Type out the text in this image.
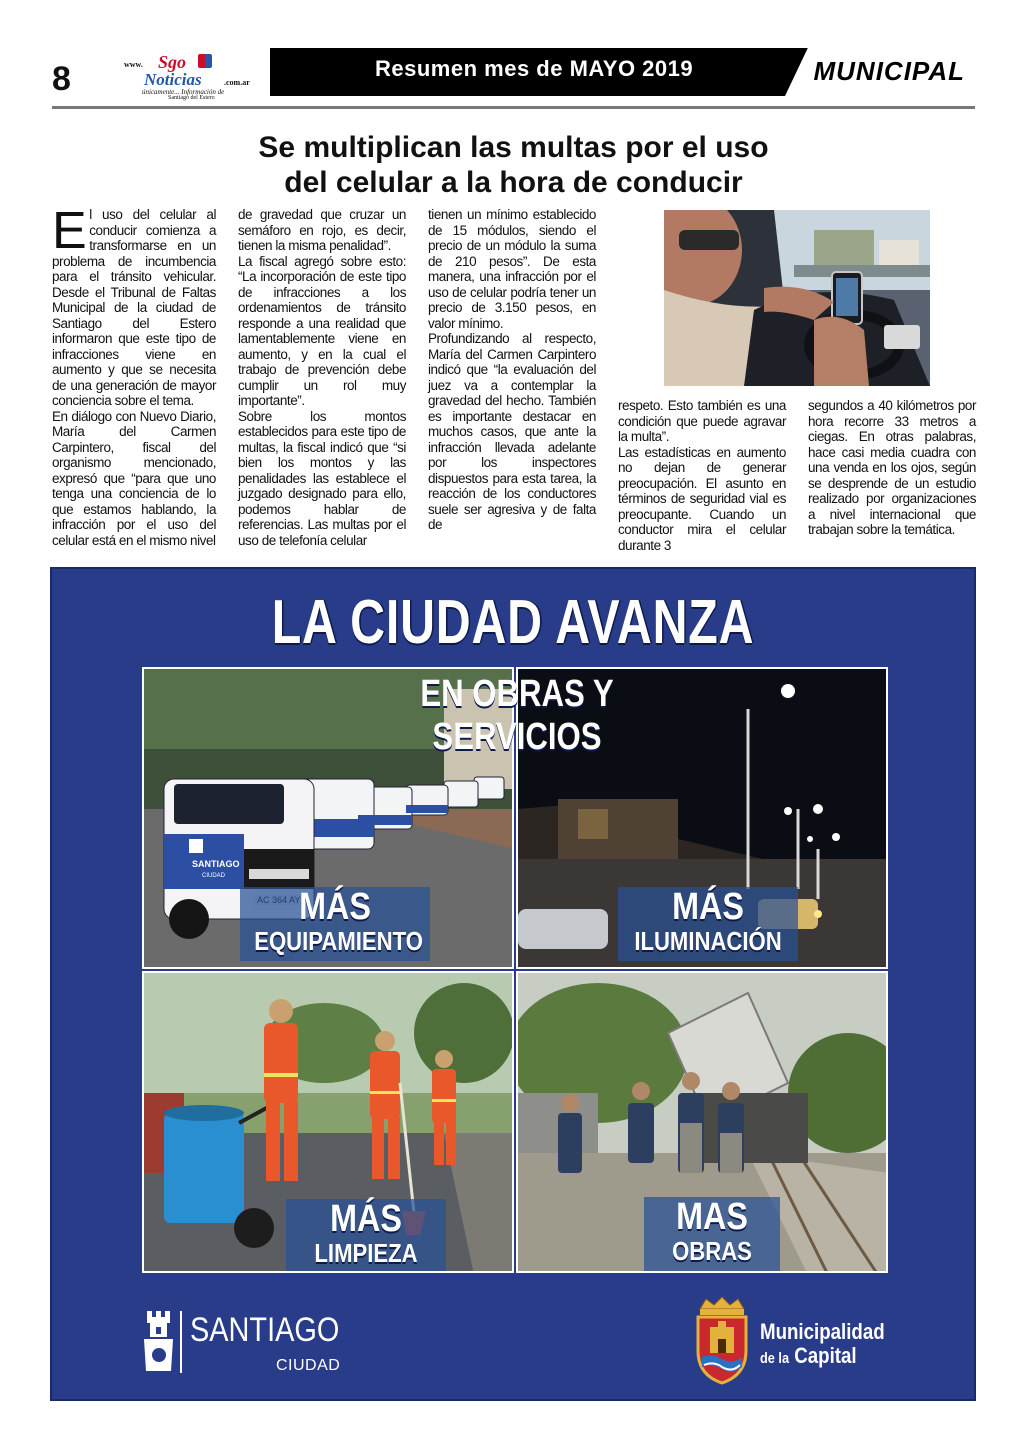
8	www. Sgo
Noticias	.com.ar
únicamente... Información de
Santiago del Estero
Resumen mes de MAYO 2019	MUNICIPAL
Se multiplican las multas por el uso
del celular a la hora de conducir

El uso del celular al conducir comienza a transformarse en un problema de incumbencia para el tránsito vehicular. Desde el Tribunal de Faltas Municipal de la ciudad de Santiago del Estero informaron que este tipo de infracciones viene en aumento y que se necesita de una generación de mayor conciencia sobre el tema.

En diálogo con Nuevo Diario, María del Carmen Carpintero, fiscal del organismo mencionado, expresó que “para que uno tenga una conciencia de lo que estamos hablando, la infracción por el uso del celular está en el mismo nivel

de gravedad que cruzar un semáforo en rojo, es decir, tienen la misma penalidad”.

La fiscal agregó sobre esto: “La incorporación de este tipo de infracciones a los ordenamientos de tránsito responde a una realidad que lamentablemente viene en aumento, y en la cual el trabajo de prevención debe cumplir un rol muy importante”.

Sobre los montos establecidos para este tipo de multas, la fiscal indicó que “si bien los montos y las penalidades las establece el juzgado designado para ello, podemos hablar de referencias. Las multas por el uso de telefonía celular

tienen un mínimo establecido de 15 módulos, siendo el precio de un módulo la suma de 210 pesos”. De esta manera, una infracción por el uso de celular podría tener un precio de 3.150 pesos, en valor mínimo.

Profundizando al respecto, María del Carmen Carpintero indicó que “la evaluación del juez va a contemplar la gravedad del hecho. También es importante destacar en muchos casos, que ante la infracción llevada adelante por los inspectores dispuestos para esta tarea, la reacción de los conductores suele ser agresiva y de falta de

respeto. Esto también es una condición que puede agravar la multa”.

Las estadísticas en aumento no dejan de generar preocupación. El asunto en términos de seguridad vial es preocupante. Cuando un conductor mira el celular durante 3

segundos a 40 kilómetros por hora recorre 33 metros a ciegas. En otras palabras, hace casi media cuadra con una venda en los ojos, según se desprende de un estudio realizado por organizaciones a nivel internacional que trabajan sobre la temática.

LA CIUDAD AVANZA
EN OBRAS Y SERVICIOS
SANTIAGO
CIUDAD
MÁS
EQUIPAMIENTO
MÁS
ILUMINACIÓN
MÁS
LIMPIEZA
MAS
OBRAS
SANTIAGO
CIUDAD
Municipalidad
de la Capital
